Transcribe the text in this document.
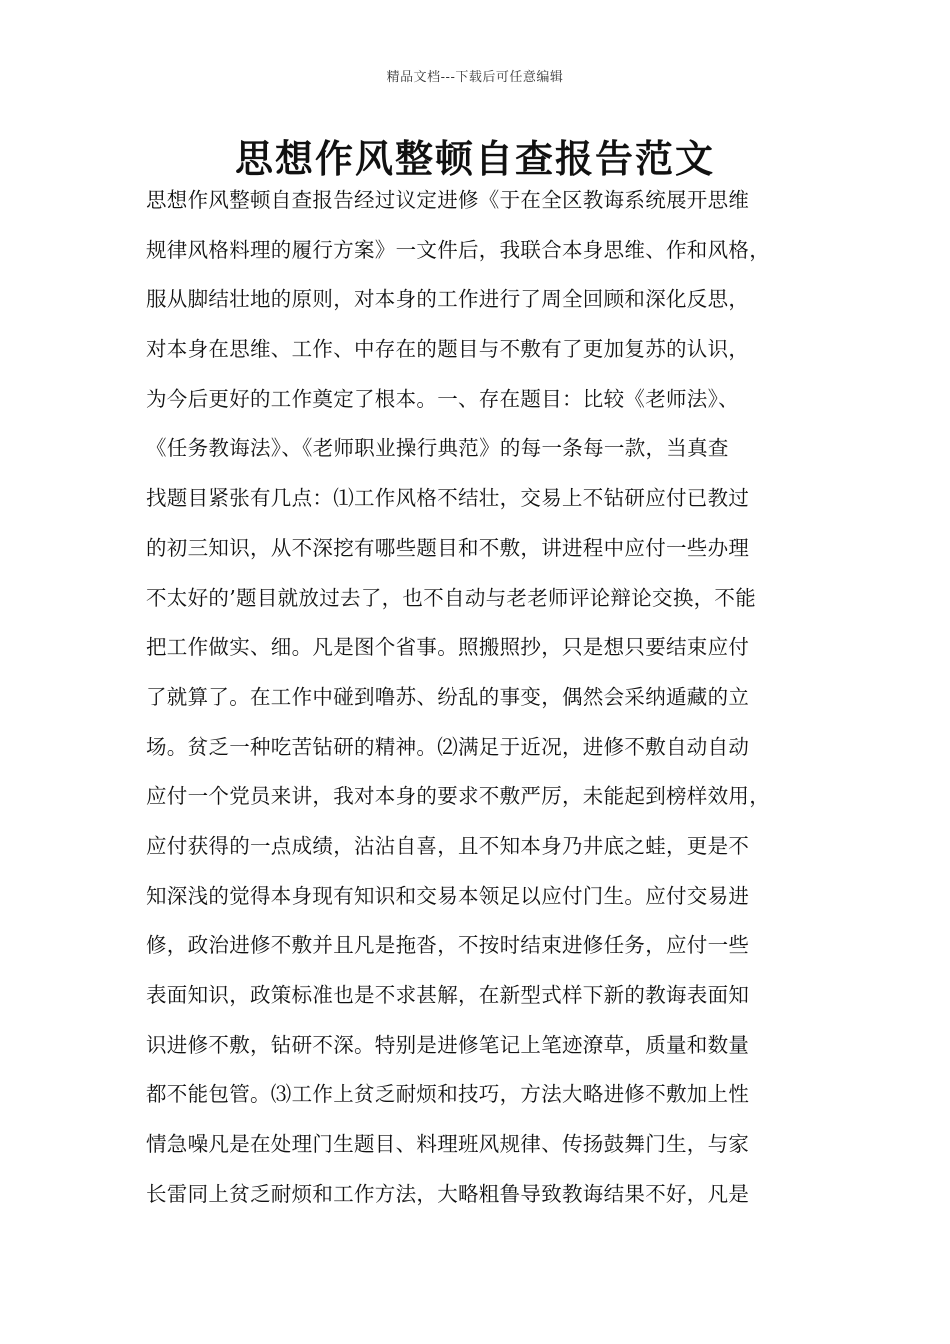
精品文档---下载后可任意编辑
思想作风整顿自查报告范文
思想作风整顿自查报告经过议定进修《于在全区教诲系统展开思维
规律风格料理的履行方案》一文件后，我联合本身思维、作和风格，
服从脚结壮地的原则，对本身的工作进行了周全回顾和深化反思，
对本身在思维、工作、中存在的题目与不敷有了更加复苏的认识，
为今后更好的工作奠定了根本。一、存在题目：比较《老师法》、
《任务教诲法》、《老师职业操行典范》的每一条每一款，当真查
找题目紧张有几点：⑴工作风格不结壮，交易上不钻研应付已教过
的初三知识，从不深挖有哪些题目和不敷，讲进程中应付一些办理
不太好的’题目就放过去了，也不自动与老老师评论辩论交换，不能
把工作做实、细。凡是图个省事。照搬照抄，只是想只要结束应付
了就算了。在工作中碰到噜苏、纷乱的事变，偶然会采纳遁藏的立
场。贫乏一种吃苦钻研的精神。⑵满足于近况，进修不敷自动自动
应付一个党员来讲，我对本身的要求不敷严厉，未能起到榜样效用，
应付获得的一点成绩，沾沾自喜，且不知本身乃井底之蛙，更是不
知深浅的觉得本身现有知识和交易本领足以应付门生。应付交易进
修，政治进修不敷并且凡是拖沓，不按时结束进修任务，应付一些
表面知识，政策标准也是不求甚解，在新型式样下新的教诲表面知
识进修不敷，钻研不深。特别是进修笔记上笔迹潦草，质量和数量
都不能包管。⑶工作上贫乏耐烦和技巧，方法大略进修不敷加上性
情急噪凡是在处理门生题目、料理班风规律、传扬鼓舞门生，与家
长雷同上贫乏耐烦和工作方法，大略粗鲁导致教诲结果不好，凡是
